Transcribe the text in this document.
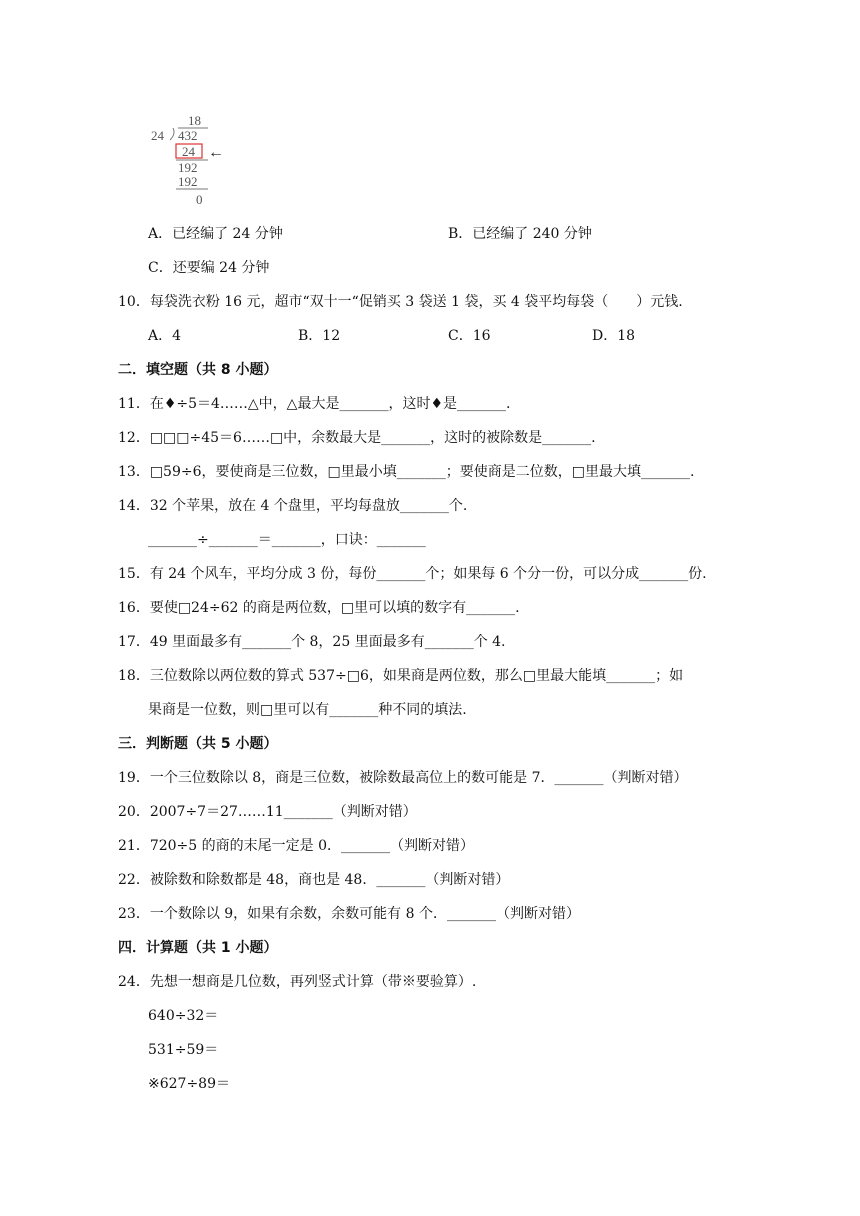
18
24 432
24 ←
192
192
0
A．已经编了 24 分钟	B．已经编了 240 分钟
C．还要编 24 分钟
10．每袋洗衣粉 16 元，超市“双十一“促销买 3 袋送 1 袋，买 4 袋平均每袋（　　）元钱.
A．4	B．12	C．16	D．18
二．填空题（共 8 小题）
11．在♦÷5＝4……△中，△最大是_______，这时♦是_______.
12．□□□÷45＝6……□中，余数最大是_______，这时的被除数是_______.
13．□59÷6，要使商是三位数，□里最小填_______；要使商是二位数，□里最大填_______.
14．32 个苹果，放在 4 个盘里，平均每盘放_______个.
_______÷_______＝_______，口诀：_______
15．有 24 个风车，平均分成 3 份，每份_______个；如果每 6 个分一份，可以分成_______份.
16．要使□24÷62 的商是两位数，□里可以填的数字有_______.
17．49 里面最多有_______个 8，25 里面最多有_______个 4.
18．三位数除以两位数的算式 537÷□6，如果商是两位数，那么□里最大能填_______；如
果商是一位数，则□里可以有_______种不同的填法.
三．判断题（共 5 小题）
19．一个三位数除以 8，商是三位数，被除数最高位上的数可能是 7．_______（判断对错）
20．2007÷7＝27……11_______（判断对错）
21．720÷5 的商的末尾一定是 0．_______（判断对错）
22．被除数和除数都是 48，商也是 48．_______（判断对错）
23．一个数除以 9，如果有余数，余数可能有 8 个．_______（判断对错）
四．计算题（共 1 小题）
24．先想一想商是几位数，再列竖式计算（带※要验算）.
640÷32＝
531÷59＝
※627÷89＝
